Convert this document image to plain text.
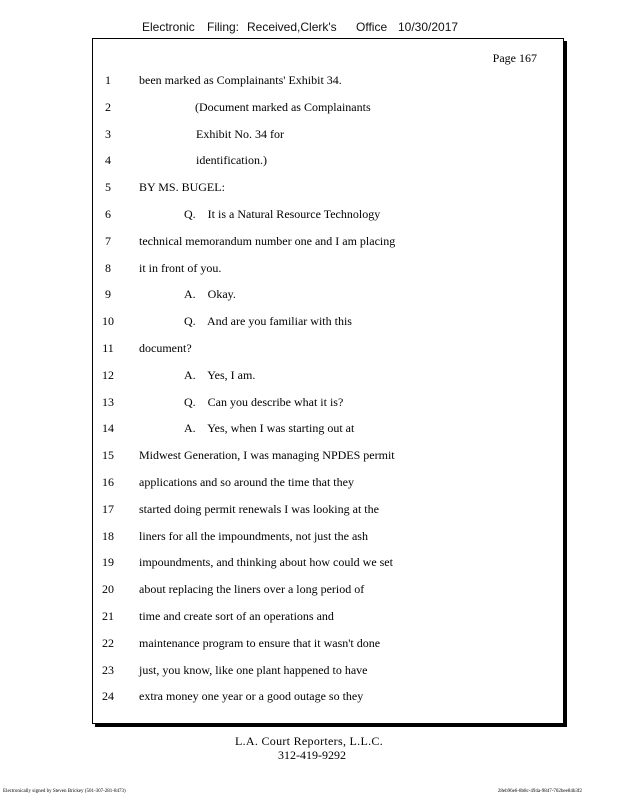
Electronic Filing: Received,Clerk's Office 10/30/2017
Page 167
1	been marked as Complainants' Exhibit 34.
2	(Document marked as Complainants
3	Exhibit No. 34 for
4	identification.)
5	BY MS. BUGEL:
6	Q.    It is a Natural Resource Technology
7	technical memorandum number one and I am placing
8	it in front of you.
9	A.    Okay.
10	Q.    And are you familiar with this
11	document?
12	A.    Yes, I am.
13	Q.    Can you describe what it is?
14	A.    Yes, when I was starting out at
15	Midwest Generation, I was managing NPDES permit
16	applications and so around the time that they
17	started doing permit renewals I was looking at the
18	liners for all the impoundments, not just the ash
19	impoundments, and thinking about how could we set
20	about replacing the liners over a long period of
21	time and create sort of an operations and
22	maintenance program to ensure that it wasn't done
23	just, you know, like one plant happened to have
24	extra money one year or a good outage so they
L.A. Court Reporters, L.L.C.
312-419-9292
Electronically signed by Steven Brickey (501-307-281-8473)	28eb96e6-8b8c-494a-9847-702bee84b3f2
